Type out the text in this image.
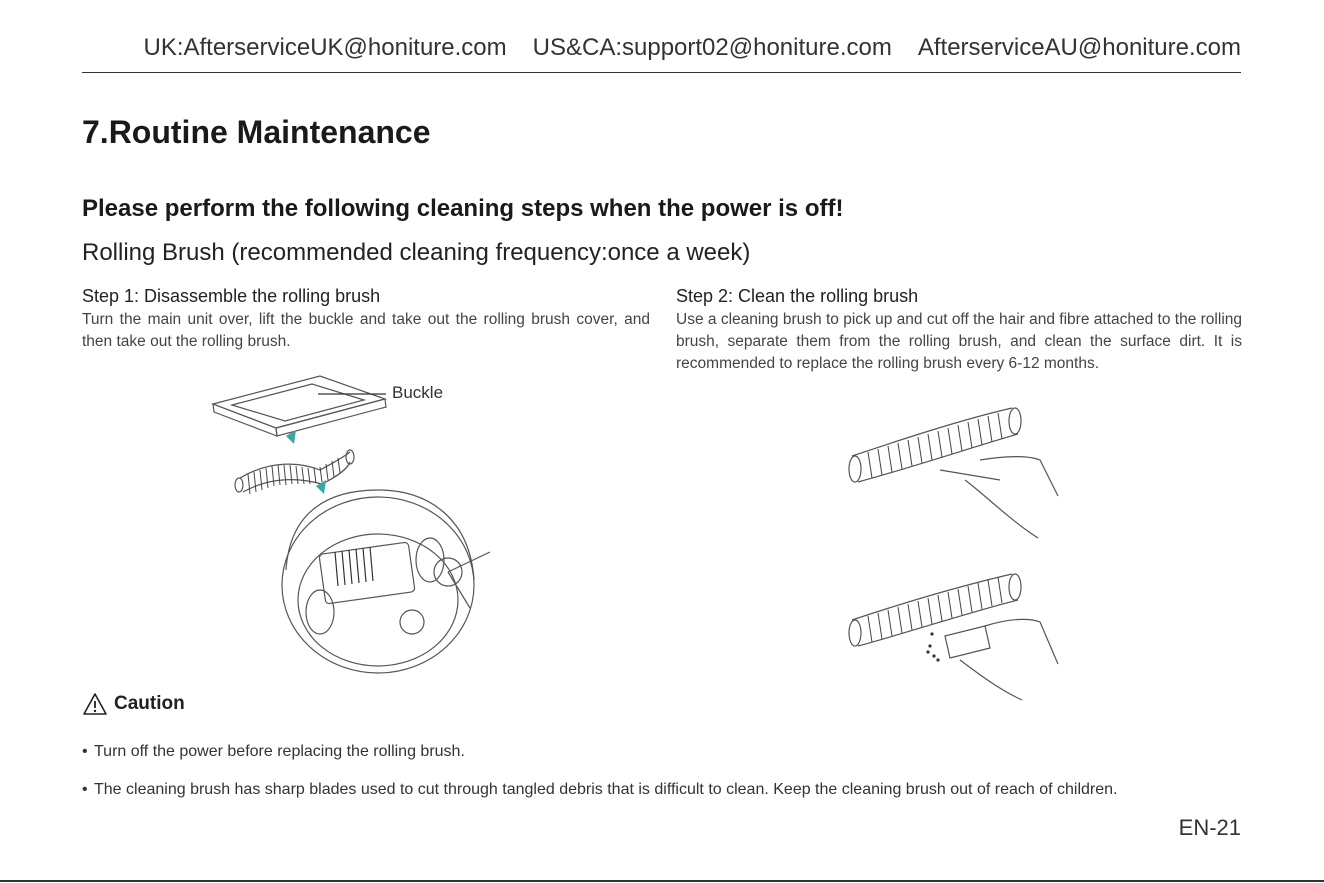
UK:AfterserviceUK@honiture.com US&CA:support02@honiture.com AfterserviceAU@honiture.com
7.Routine Maintenance
Please perform the following cleaning steps when the power is off!
Rolling Brush (recommended cleaning frequency:once a week)
Step 1: Disassemble the rolling brush
Turn the main unit over, lift the buckle and take out the rolling brush cover, and then take out the rolling brush.
Step 2: Clean the rolling brush
Use a cleaning brush to pick up and cut off the hair and fibre attached to the rolling brush, separate them from the rolling brush, and clean the surface dirt. It is recommended to replace the rolling brush every 6-12 months.
Buckle
Caution
• Turn off the power before replacing the rolling brush.
• The cleaning brush has sharp blades used to cut through tangled debris that is difficult to clean. Keep the cleaning brush out of reach of children.
EN-21
